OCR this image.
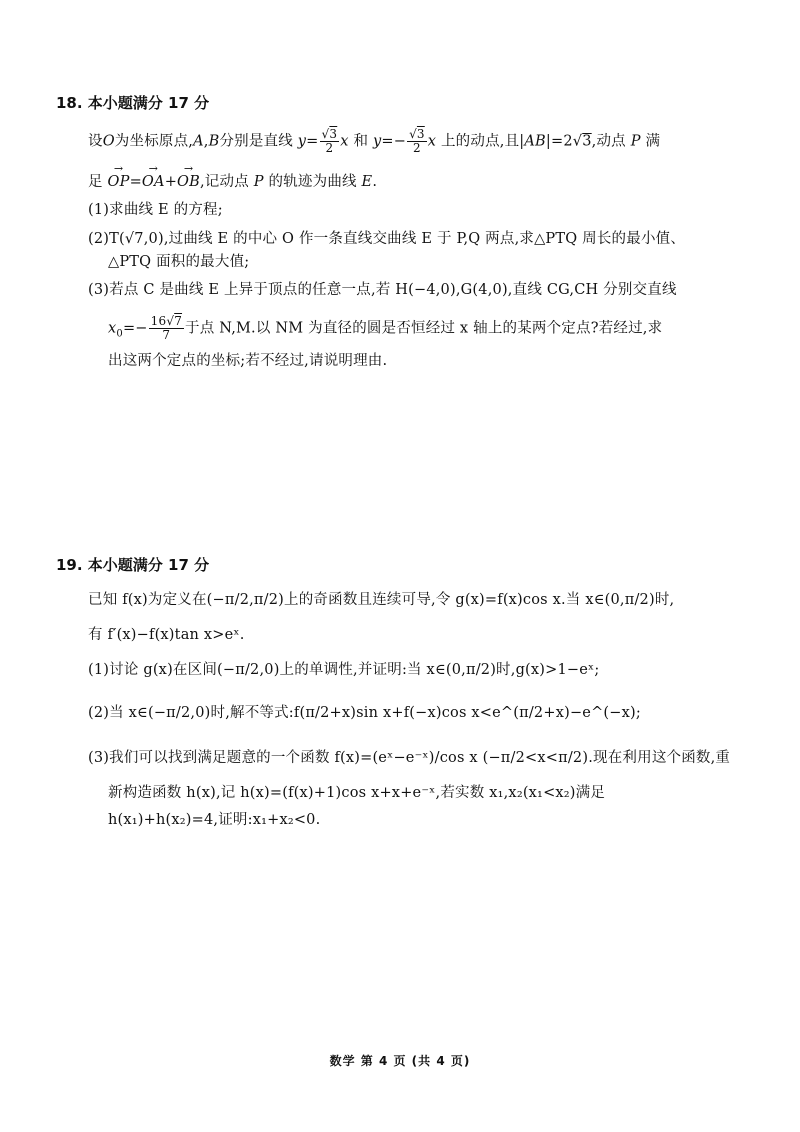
18. 本小题满分 17 分
设O为坐标原点,A,B分别是直线 $y= \frac{√3}{2}$ x 和 $y=- \frac{√3}{2}$ x 上的动点,且|AB|=2√3,动点 P 满
足 → OP=→ OA+→ OB,记动点 P 的轨迹为曲线 E.
(1)求曲线 E 的方程;
(2)T(√7,0),过曲线 E 的中心 O 作一条直线交曲线 E 于 P,Q 两点,求△PTQ 周长的最小值、
△PTQ 面积的最大值;
(3)若点 C 是曲线 E 上异于顶点的任意一点,若 H(−4,0),G(4,0),直线 CG,CH 分别交直线
$x_0=- \frac{16√7}{7}$ 于点 N,M.以 NM 为直径的圆是否恒经过 x 轴上的某两个定点?若经过,求
出这两个定点的坐标;若不经过,请说明理由.
19. 本小题满分 17 分
已知 f(x)为定义在(−π/2,π/2)上的奇函数且连续可导,令 g(x)=f(x)cos x.当 x∈(0,π/2)时,
有 f′(x)−f(x)tan x>eˣ.
(1)讨论 g(x)在区间(−π/2,0)上的单调性,并证明:当 x∈(0,π/2)时,g(x)>1−eˣ;
(2)当 x∈(−π/2,0)时,解不等式:f(π/2+x)sin x+f(−x)cos x<e^(π/2+x)−e^(−x);
(3)我们可以找到满足题意的一个函数 f(x)=(eˣ−e⁻ˣ)/cos x (−π/2<x<π/2).现在利用这个函数,重
新构造函数 h(x),记 h(x)=(f(x)+1)cos x+x+e⁻ˣ,若实数 x₁,x₂(x₁<x₂)满足
h(x₁)+h(x₂)=4,证明:x₁+x₂<0.
数学 第 4 页 (共 4 页)
